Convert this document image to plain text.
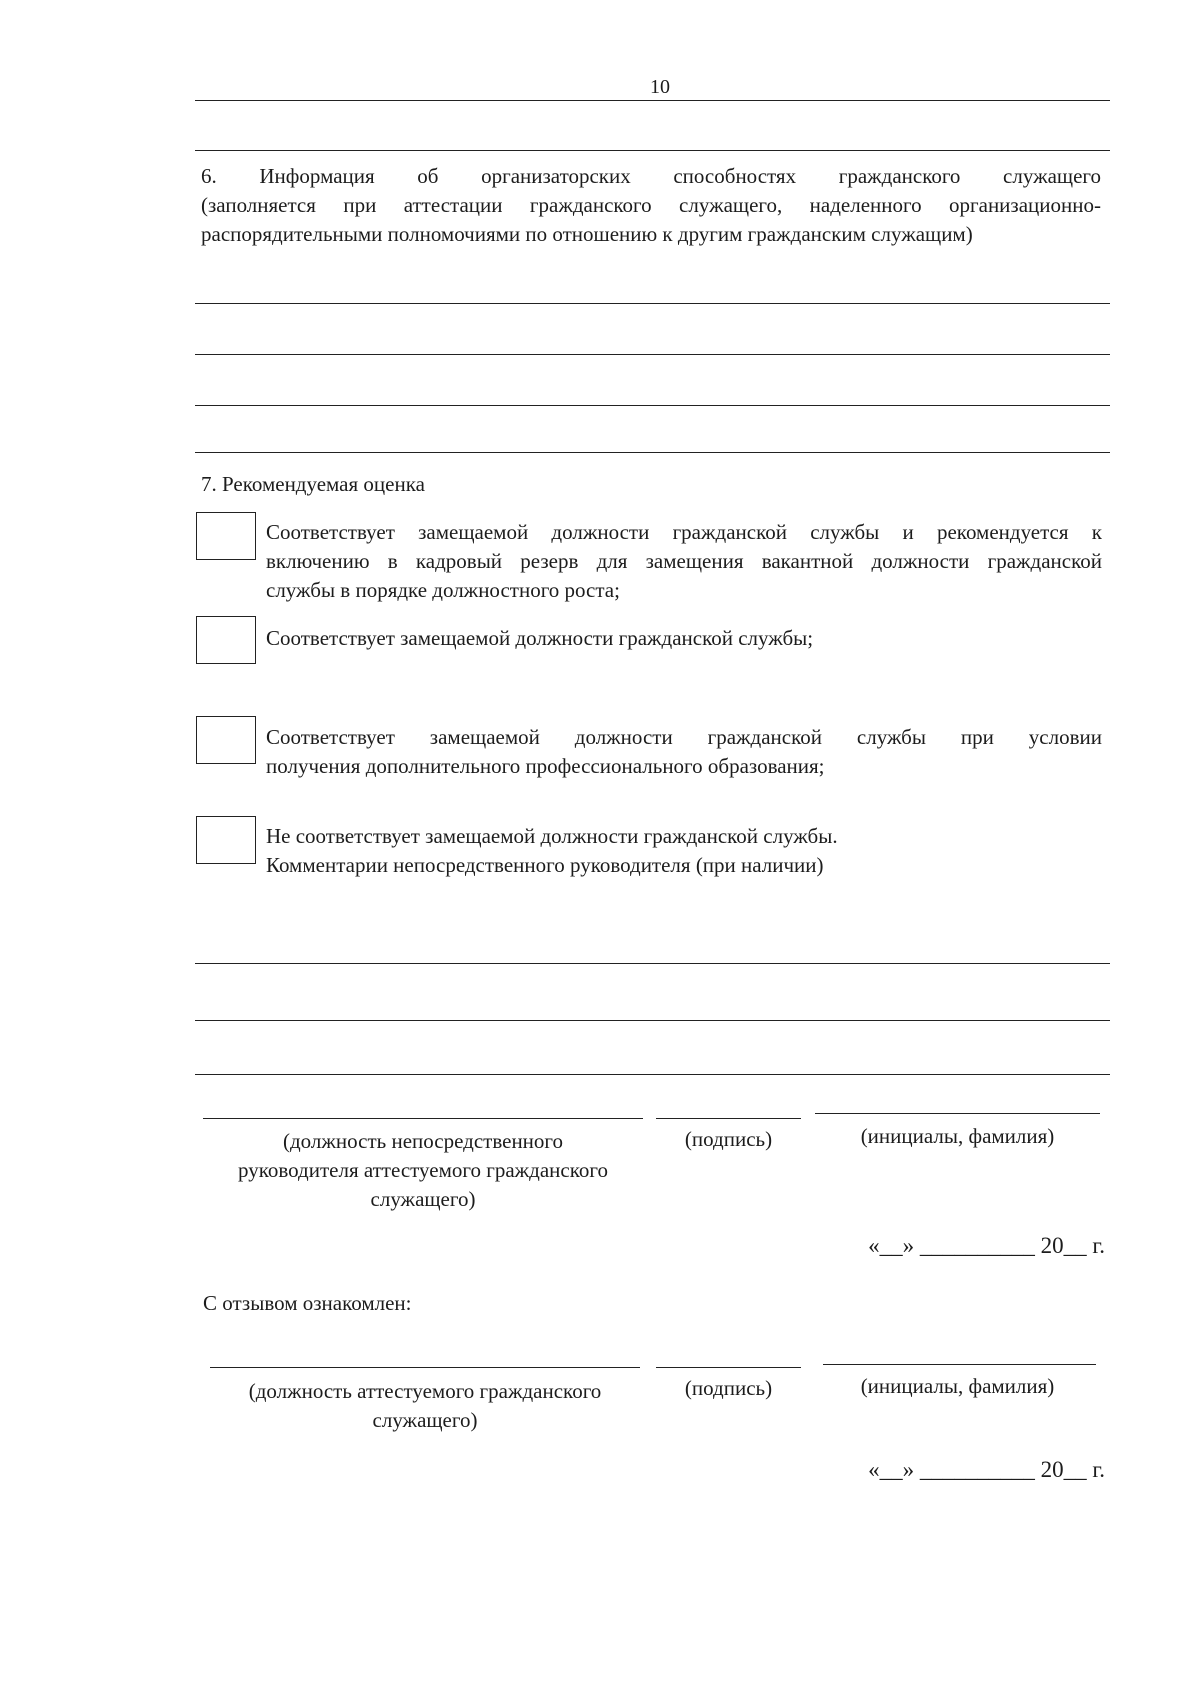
10
6. Информация об организаторских способностях гражданского служащего
(заполняется при аттестации гражданского служащего, наделенного организационно-
распорядительными полномочиями по отношению к другим гражданским служащим)
7. Рекомендуемая оценка
Соответствует замещаемой должности гражданской службы и рекомендуется к
включению в кадровый резерв для замещения вакантной должности гражданской
службы в порядке должностного роста;
Соответствует замещаемой должности гражданской службы;
Соответствует замещаемой должности гражданской службы при условии
получения дополнительного профессионального образования;
Не соответствует замещаемой должности гражданской службы.
Комментарии непосредственного руководителя (при наличии)
(должность непосредственного
руководителя аттестуемого гражданского
служащего)
(подпись)	(инициалы, фамилия)
«__» __________ 20__ г.
С отзывом ознакомлен:
(должность аттестуемого гражданского
служащего)
(подпись)	(инициалы, фамилия)
«__» __________ 20__ г.
